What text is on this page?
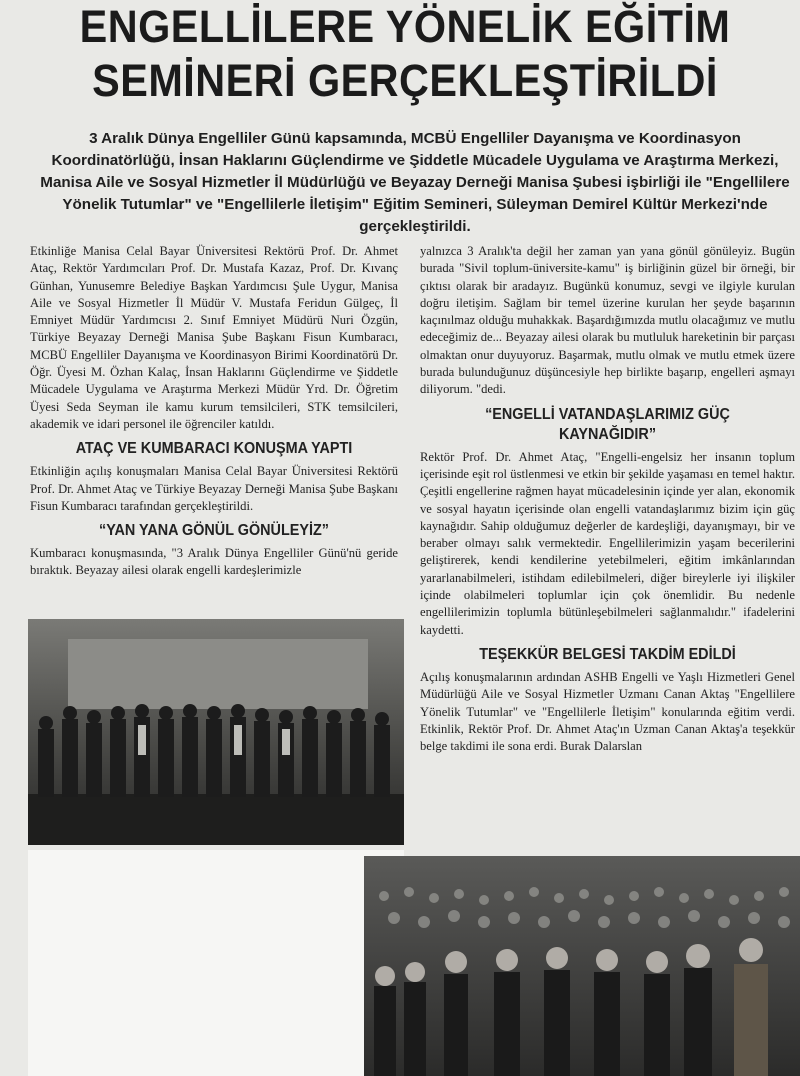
ENGELLİLERE YÖNELİK EĞİTİM
SEMİNERİ GERÇEKLEŞTİRİLDİ
3 Aralık Dünya Engelliler Günü kapsamında, MCBÜ Engelliler Dayanışma ve Koordinasyon Koordinatörlüğü, İnsan Haklarını Güçlendirme ve Şiddetle Mücadele Uygulama ve Araştırma Merkezi, Manisa Aile ve Sosyal Hizmetler İl Müdürlüğü ve Beyazay Derneği Manisa Şubesi işbirliği ile "Engellilere Yönelik Tutumlar" ve "Engellilerle İletişim" Eğitim Semineri, Süleyman Demirel Kültür Merkezi'nde gerçekleştirildi.

Etkinliğe Manisa Celal Bayar Üniversitesi Rektörü Prof. Dr. Ahmet Ataç, Rektör Yardımcıları Prof. Dr. Mustafa Kazaz, Prof. Dr. Kıvanç Günhan, Yunusemre Belediye Başkan Yardımcısı Şule Uygur, Manisa Aile ve Sosyal Hizmetler İl Müdür V. Mustafa Feridun Gülgeç, İl Emniyet Müdür Yardımcısı 2. Sınıf Emniyet Müdürü Nuri Özgün, Türkiye Beyazay Derneği Manisa Şube Başkanı Fisun Kumbaracı, MCBÜ Engelliler Dayanışma ve Koordinasyon Birimi Koordinatörü Dr. Öğr. Üyesi M. Özhan Kalaç, İnsan Haklarını Güçlendirme ve Şiddetle Mücadele Uygulama ve Araştırma Merkezi Müdür Yrd. Dr. Öğretim Üyesi Seda Seyman ile kamu kurum temsilcileri, STK temsilcileri, akademik ve idari personel ile öğrenciler katıldı.

ATAÇ VE KUMBARACI KONUŞMA YAPTI

Etkinliğin açılış konuşmaları Manisa Celal Bayar Üniversitesi Rektörü Prof. Dr. Ahmet Ataç ve Türkiye Beyazay Derneği Manisa Şube Başkanı Fisun Kumbaracı tarafından gerçekleştirildi.

“YAN YANA GÖNÜL GÖNÜLEYİZ”

Kumbaracı konuşmasında, "3 Aralık Dünya Engelliler Günü'nü geride bıraktık. Beyazay ailesi olarak engelli kardeşlerimizle

yalnızca 3 Aralık'ta değil her zaman yan yana gönül gönüleyiz. Bugün burada "Sivil toplum-üniversite-kamu" iş birliğinin güzel bir örneği, bir çıktısı olarak bir aradayız. Bugünkü konumuz, sevgi ve ilgiyle kurulan doğru iletişim. Sağlam bir temel üzerine kurulan her şeyde başarının kaçınılmaz olduğu muhakkak. Başardığımızda mutlu olacağımız ve mutlu edeceğimiz de... Beyazay ailesi olarak bu mutluluk hareketinin bir parçası olmaktan onur duyuyoruz. Başarmak, mutlu olmak ve mutlu etmek üzere burada bulunduğunuz düşüncesiyle hep birlikte başarıp, engelleri aşmayı diliyorum. "dedi.

“ENGELLİ VATANDAŞLARIMIZ GÜÇ KAYNAĞIDIR”

Rektör Prof. Dr. Ahmet Ataç, "Engelli-engelsiz her insanın toplum içerisinde eşit rol üstlenmesi ve etkin bir şekilde yaşaması en temel haktır. Çeşitli engellerine rağmen hayat mücadelesinin içinde yer alan, ekonomik ve sosyal hayatın içerisinde olan engelli vatandaşlarımız bizim için güç kaynağıdır. Sahip olduğumuz değerler de kardeşliği, dayanışmayı, bir ve beraber olmayı salık vermektedir. Engellilerimizin yaşam becerilerini geliştirerek, kendi kendilerine yetebilmeleri, eğitim imkânlarından yararlanabilmeleri, istihdam edilebilmeleri, diğer bireylerle iyi ilişkiler içinde olabilmeleri toplumlar için çok önemlidir. Bu nedenle engellilerimizin toplumla bütünleşebilmeleri sağlanmalıdır." ifadelerini kaydetti.

TEŞEKKÜR BELGESİ TAKDİM EDİLDİ

Açılış konuşmalarının ardından ASHB Engelli ve Yaşlı Hizmetleri Genel Müdürlüğü Aile ve Sosyal Hizmetler Uzmanı Canan Aktaş "Engellilere Yönelik Tutumlar" ve "Engellilerle İletişim" konularında eğitim verdi. Etkinlik, Rektör Prof. Dr. Ahmet Ataç'ın Uzman Canan Aktaş'a teşekkür belge takdimi ile sona erdi. Burak Dalarslan
